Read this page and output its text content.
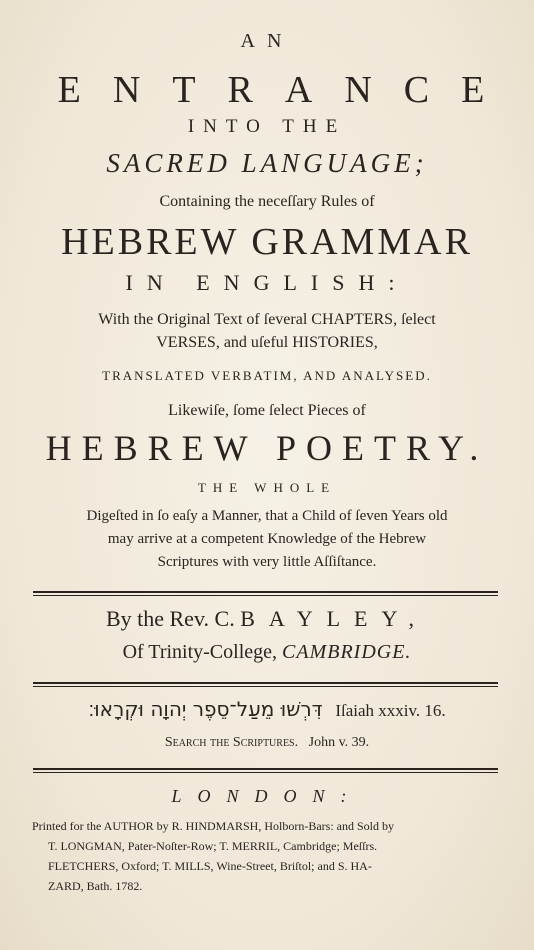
AN
ENTRANCE
INTO THE
SACRED LANGUAGE;
Containing the neceſſary Rules of
HEBREW GRAMMAR
IN ENGLISH:
With the Original Text of ſeveral CHAPTERS, ſelect
VERSES, and uſeful HISTORIES,
TRANSLATED VERBATIM, AND ANALYSED.
Likewiſe, ſome ſelect Pieces of
HEBREW POETRY.
THE WHOLE
Digeſted in ſo eaſy a Manner, that a Child of ſeven Years old
may arrive at a competent Knowledge of the Hebrew
Scriptures with very little Aſſiſtance.
By the Rev. C. BAYLEY,
Of Trinity-College, CAMBRIDGE.
דִּרְשׁוּ מֵעַל־סֵפֶר יְהוָה וּקְרָאוּ׃ Iſaiah xxxiv. 16.
Search the Scriptures. John v. 39.
LONDON:
Printed for the AUTHOR by R. HINDMARSH, Holborn-Bars: and Sold by
T. LONGMAN, Pater-Noſter-Row; T. MERRIL, Cambridge; Meſſrs.
FLETCHERS, Oxford; T. MILLS, Wine-Street, Briſtol; and S. HA-
ZARD, Bath. 1782.
